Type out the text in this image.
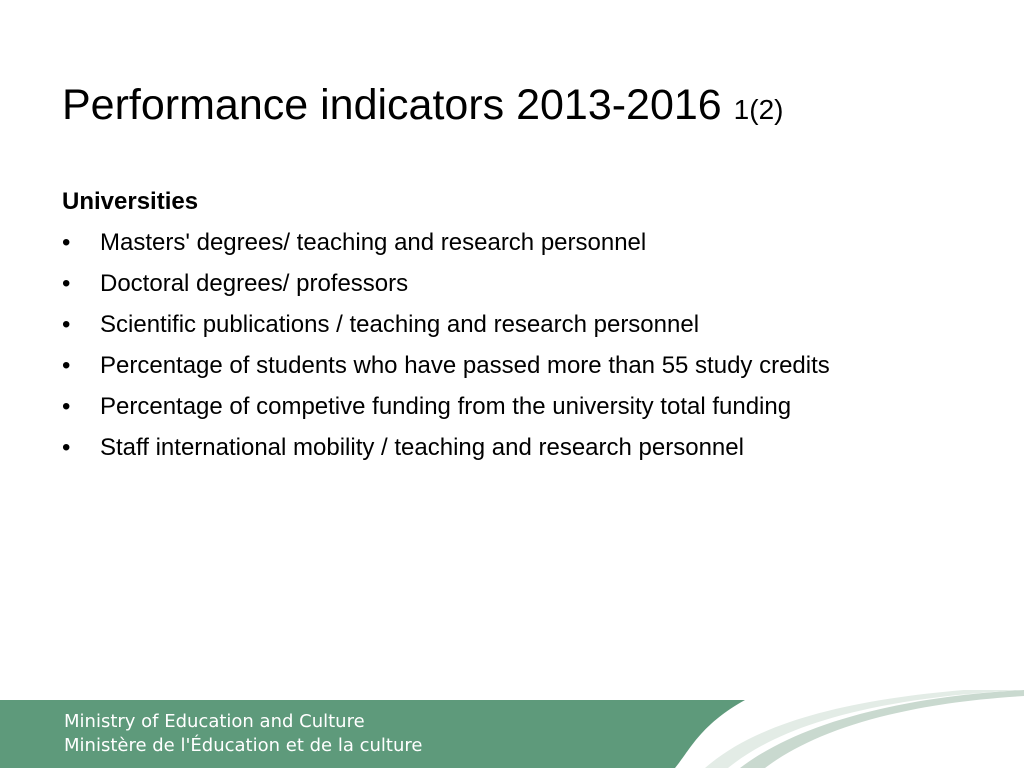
Performance indicators 2013-2016 1(2)
Universities
• Masters' degrees/ teaching and research personnel
• Doctoral degrees/ professors
• Scientific publications / teaching and research personnel
• Percentage of students who have passed more than 55 study credits
• Percentage of competive funding from the university total funding
• Staff international mobility / teaching and research personnel
Ministry of Education and Culture
Ministère de l'Éducation et de la culture
